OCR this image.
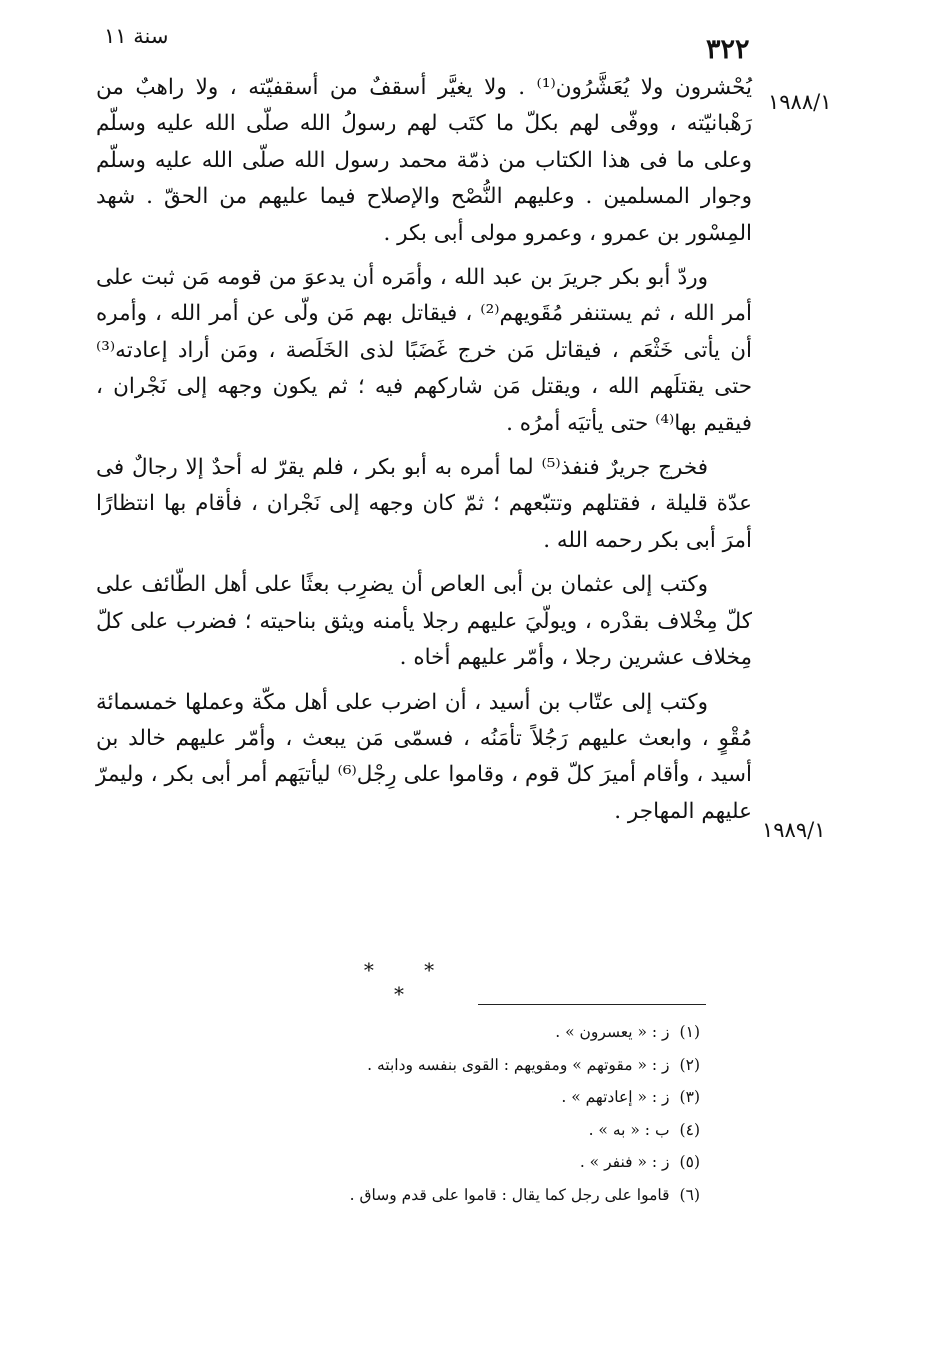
سنة ١١	٣٢٢
١٩٨٨/١
١٩٨٩/١

يُحْشرون ولا يُعَشَّرُون⁽¹⁾ . ولا يغيَّر أسقفٌ من أسقفيّته ، ولا راهبٌ من رَهْبانيّته ، ووفّى لهم بكلّ ما كتَب لهم رسولُ الله صلّى الله عليه وسلّم وعلى ما فى هذا الكتاب من ذمّة محمد رسول الله صلّى الله عليه وسلّم وجوار المسلمين . وعليهم النُّصْح والإصلاح فيما عليهم من الحقّ . شهد المِسْور بن عمرو ، وعمرو مولى أبى بكر .

وردّ أبو بكر جريرَ بن عبد الله ، وأمَره أن يدعوَ من قومه مَن ثبت على أمر الله ، ثم يستنفر مُقَويهم⁽²⁾ ، فيقاتل بهم مَن ولّى عن أمر الله ، وأمره أن يأتى خَثْعَم ، فيقاتل مَن خرج غَضَبًا لذى الخَلَصة ، ومَن أراد إعادته⁽³⁾ حتى يقتلَهم الله ، ويقتل مَن شاركهم فيه ؛ ثم يكون وجهه إلى نَجْران ، فيقيم بها⁽⁴⁾ حتى يأتيَه أمرُه .

فخرج جريرٌ فنفذ⁽⁵⁾ لما أمره به أبو بكر ، فلم يقرّ له أحدٌ إلا رجالٌ فى عدّة قليلة ، فقتلهم وتتبّعهم ؛ ثمّ كان وجهه إلى نَجْران ، فأقام بها انتظارًا أمرَ أبى بكر رحمه الله .

وكتب إلى عثمان بن أبى العاص أن يضرِب بعثًا على أهل الطّائف على كلّ مِخْلاف بقدْره ، ويولّيَ عليهم رجلا يأمنه ويثق بناحيته ؛ فضرب على كلّ مِخلاف عشرين رجلا ، وأمّر عليهم أخاه .

وكتب إلى عتّاب بن أسيد ، أن اضرب على أهل مكّة وعملها خمسمائة مُقْوٍ ، وابعث عليهم رَجُلاً تأمَنُه ، فسمّى مَن يبعث ، وأمّر عليهم خالد بن أسيد ، وأقام أميرَ كلّ قوم ، وقاموا على رِجْل⁽⁶⁾ ليأتيَهم أمر أبى بكر ، وليمرّ عليهم المهاجر .

* * *
(١)ز : « يعسرون » .
(٢)ز : « مقوتهم » ومقويهم : القوى بنفسه ودابته .
(٣)ز : « إعادتهم » .
(٤)ب : « به » .
(٥)ز : « فنفر » .
(٦)قاموا على رجل كما يقال : قاموا على قدم وساق .
